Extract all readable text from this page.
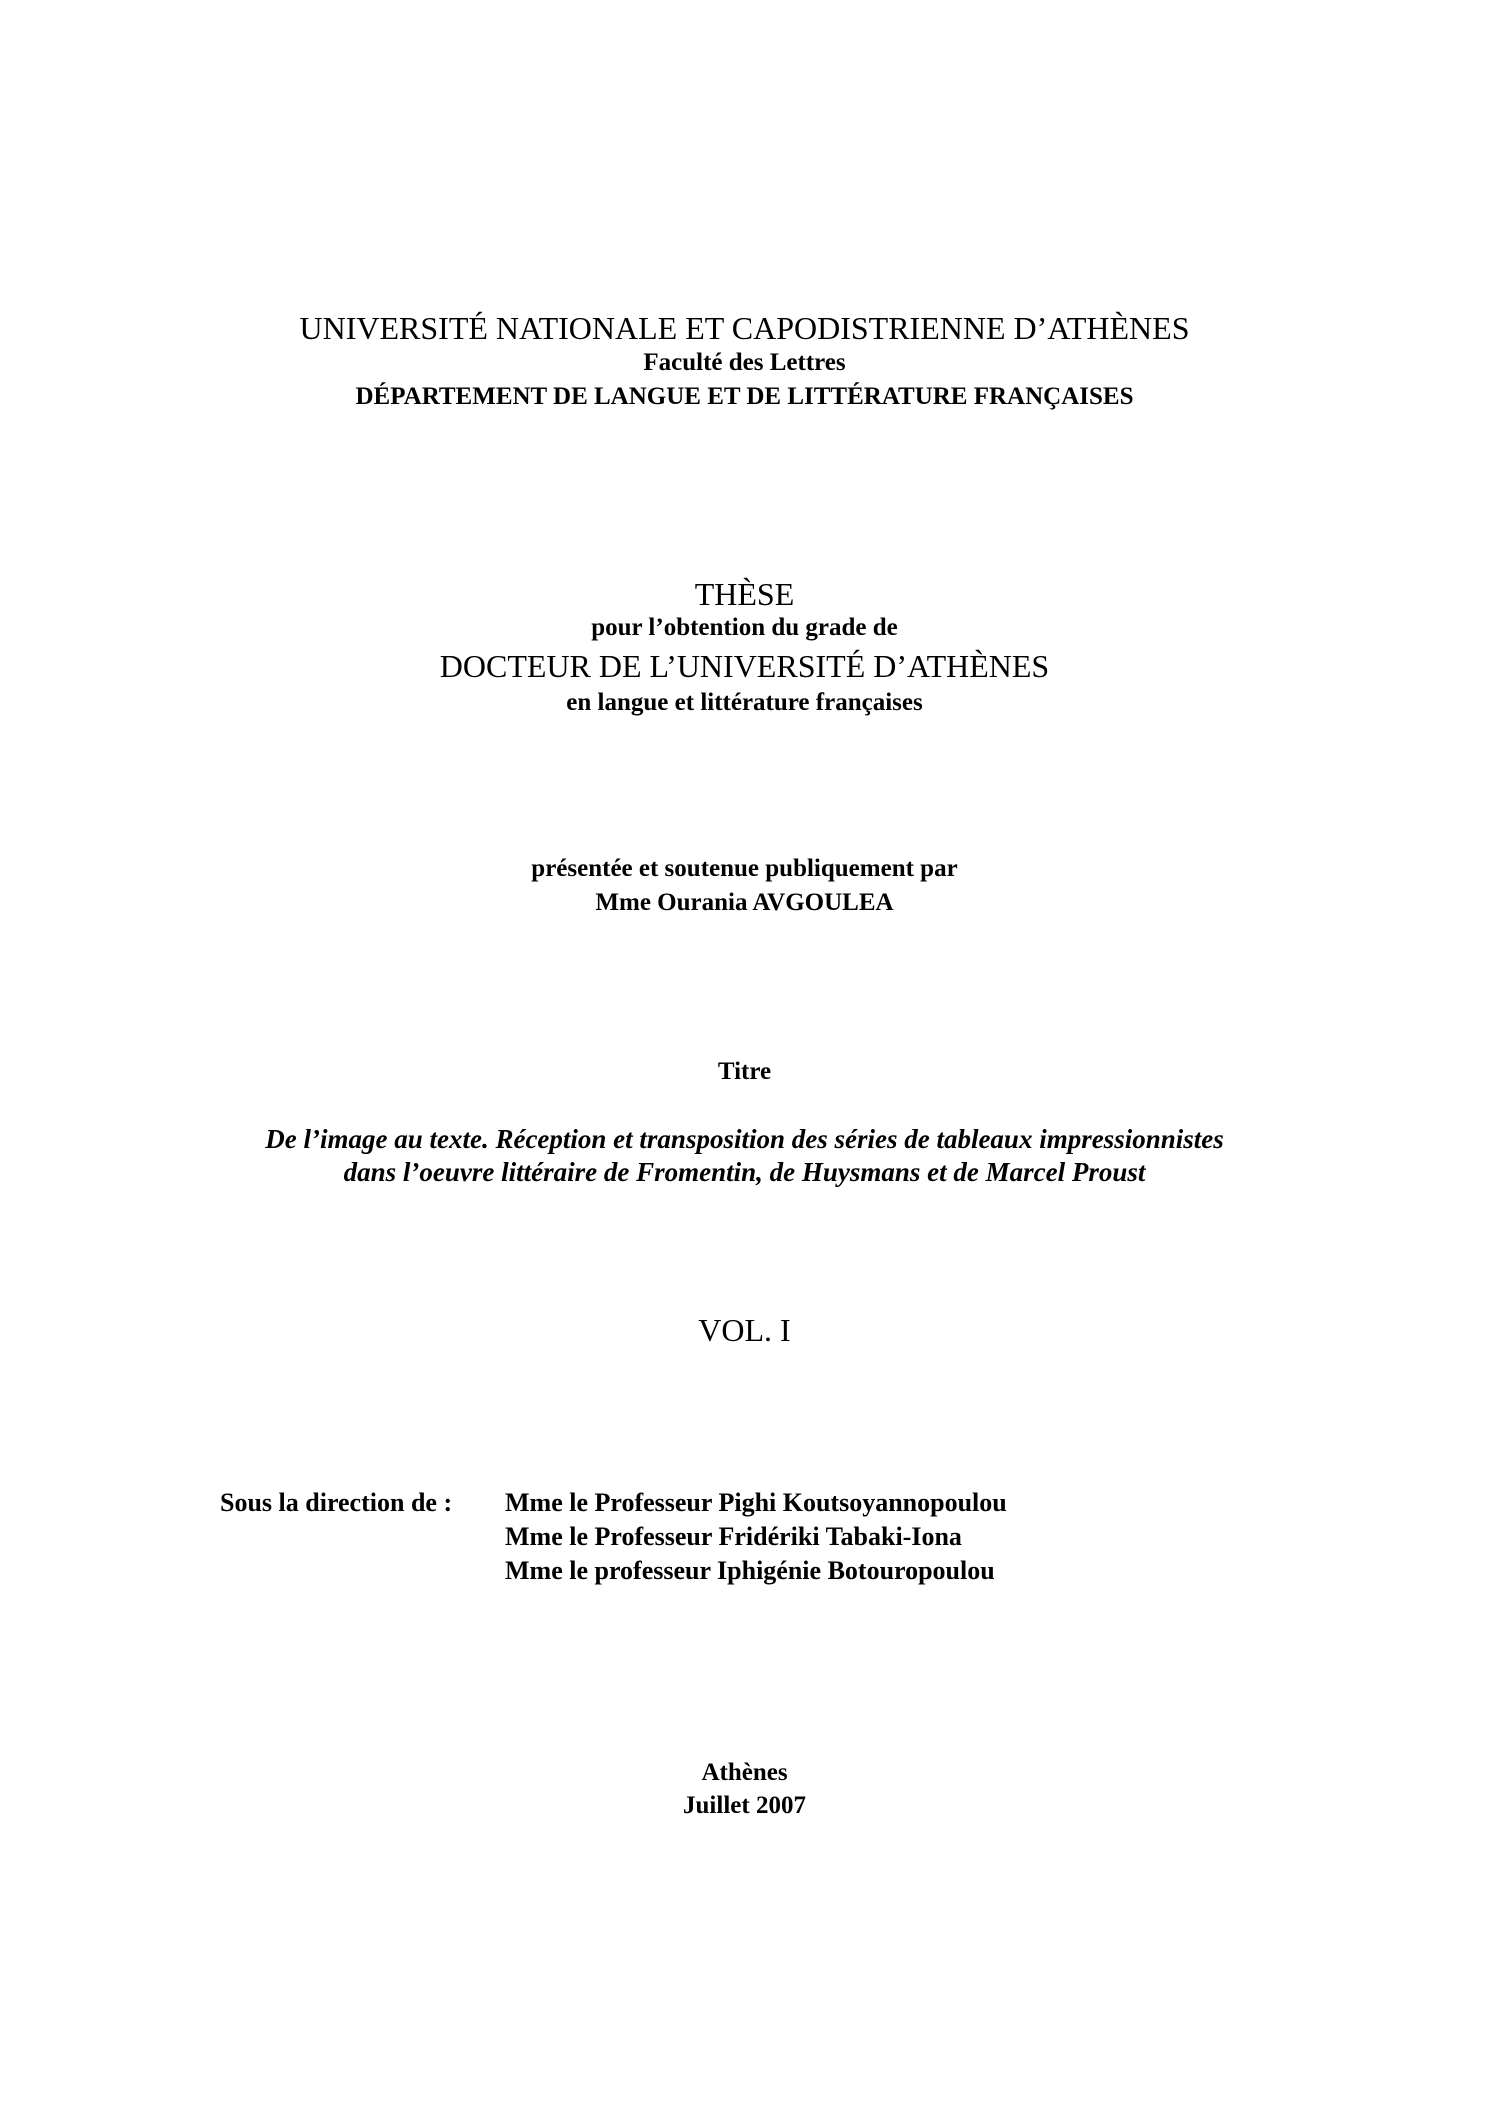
UNIVERSITÉ NATIONALE ET CAPODISTRIENNE D’ATHÈNES
Faculté des Lettres
DÉPARTEMENT DE LANGUE ET DE LITTÉRATURE FRANÇAISES
THÈSE
pour l’obtention du grade de
DOCTEUR DE L’UNIVERSITÉ D’ATHÈNES
en langue et littérature françaises
présentée et soutenue publiquement par
Mme Ourania AVGOULEA
Titre
De l’image au texte. Réception et transposition des séries de tableaux impressionnistes
dans l’oeuvre littéraire de Fromentin, de Huysmans et de Marcel Proust
VOL. I
Sous la direction de : Mme le Professeur Pighi Koutsoyannopoulou
Mme le Professeur Fridériki Tabaki-Iona
Mme le professeur Iphigénie Botouropoulou
Athènes
Juillet 2007
